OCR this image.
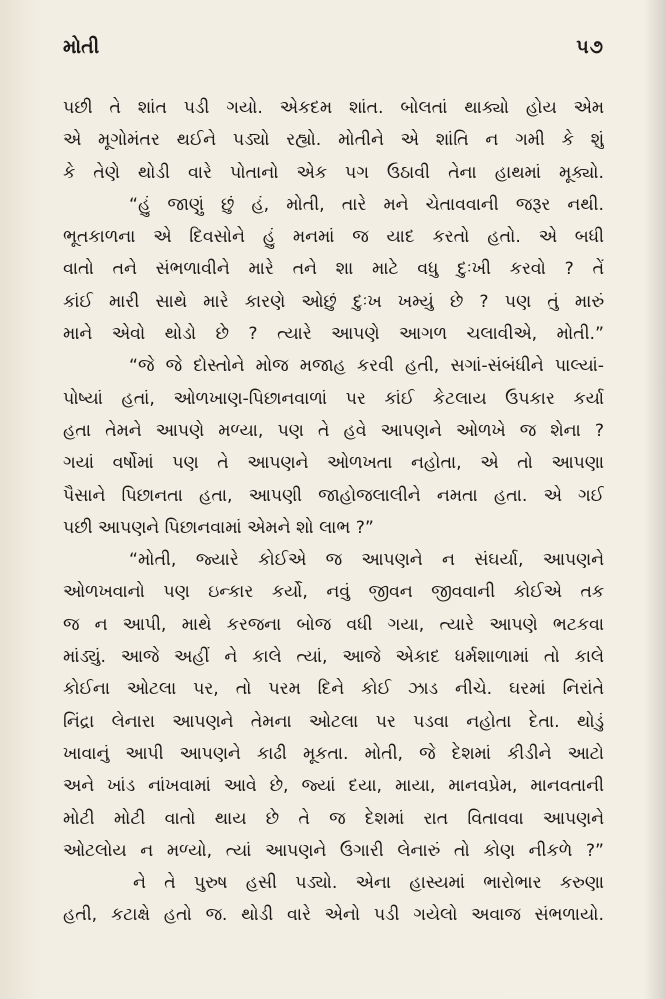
મોતી	૫૭

પછી તે શાંત પડી ગયો. એકદમ શાંત. બોલતાં થાક્યો હોય એમ
એ મૂગોમંતર થઈને પડ્યો રહ્યો. મોતીને એ શાંતિ ન ગમી કે શું
કે તેણે થોડી વારે પોતાનો એક પગ ઉઠાવી તેના હાથમાં મૂક્યો.

“હું જાણું છું હં, મોતી, તારે મને ચેતાવવાની જરૂર નથી.
ભૂતકાળના એ દિવસોને હું મનમાં જ યાદ કરતો હતો. એ બધી
વાતો તને સંભળાવીને મારે તને શા માટે વધુ દુઃખી કરવો ? તેં
કાંઈ મારી સાથે મારે કારણે ઓછું દુઃખ ખમ્યું છે ? પણ તું મારું
માને એવો થોડો છે ? ત્યારે આપણે આગળ ચલાવીએ, મોતી.”

“જે જે દોસ્તોને મોજ મજાહ કરવી હતી, સગાં-સંબંધીને પાલ્યાં-
પોષ્યાં હતાં, ઓળખાણ-પિછાનવાળાં પર કાંઈ કેટલાય ઉપકાર કર્યા
હતા તેમને આપણે મળ્યા, પણ તે હવે આપણને ઓળખે જ શેના ?
ગયાં વર્ષોમાં પણ તે આપણને ઓળખતા નહોતા, એ તો આપણા
પૈસાને પિછાનતા હતા, આપણી જાહોજલાલીને નમતા હતા. એ ગઈ
પછી આપણને પિછાનવામાં એમને શો લાભ ?”

“મોતી, જ્યારે કોઈએ જ આપણને ન સંઘર્યા, આપણને
ઓળખવાનો પણ ઇન્કાર કર્યો, નવું જીવન જીવવાની કોઈએ તક
જ ન આપી, માથે કરજના બોજ વધી ગયા, ત્યારે આપણે ભટકવા
માંડ્યું. આજે અહીં ને કાલે ત્યાં, આજે એકાદ ધર્મશાળામાં તો કાલે
કોઈના ઓટલા પર, તો પરમ દિને કોઈ ઝાડ નીચે. ઘરમાં નિરાંતે
નિંદ્રા લેનારા આપણને તેમના ઓટલા પર પડવા નહોતા દેતા. થોડું
ખાવાનું આપી આપણને કાઢી મૂકતા. મોતી, જે દેશમાં કીડીને આટો
અને ખાંડ નાંખવામાં આવે છે, જ્યાં દયા, માયા, માનવપ્રેમ, માનવતાની
મોટી મોટી વાતો થાય છે તે જ દેશમાં રાત વિતાવવા આપણને
ઓટલોય ન મળ્યો, ત્યાં આપણને ઉગારી લેનારું તો કોણ નીકળે ?”

ને તે પુરુષ હસી પડ્યો. એના હાસ્યમાં ભારોભાર કરુણા
હતી, કટાક્ષે હતો જ. થોડી વારે એનો પડી ગયેલો અવાજ સંભળાયો.
